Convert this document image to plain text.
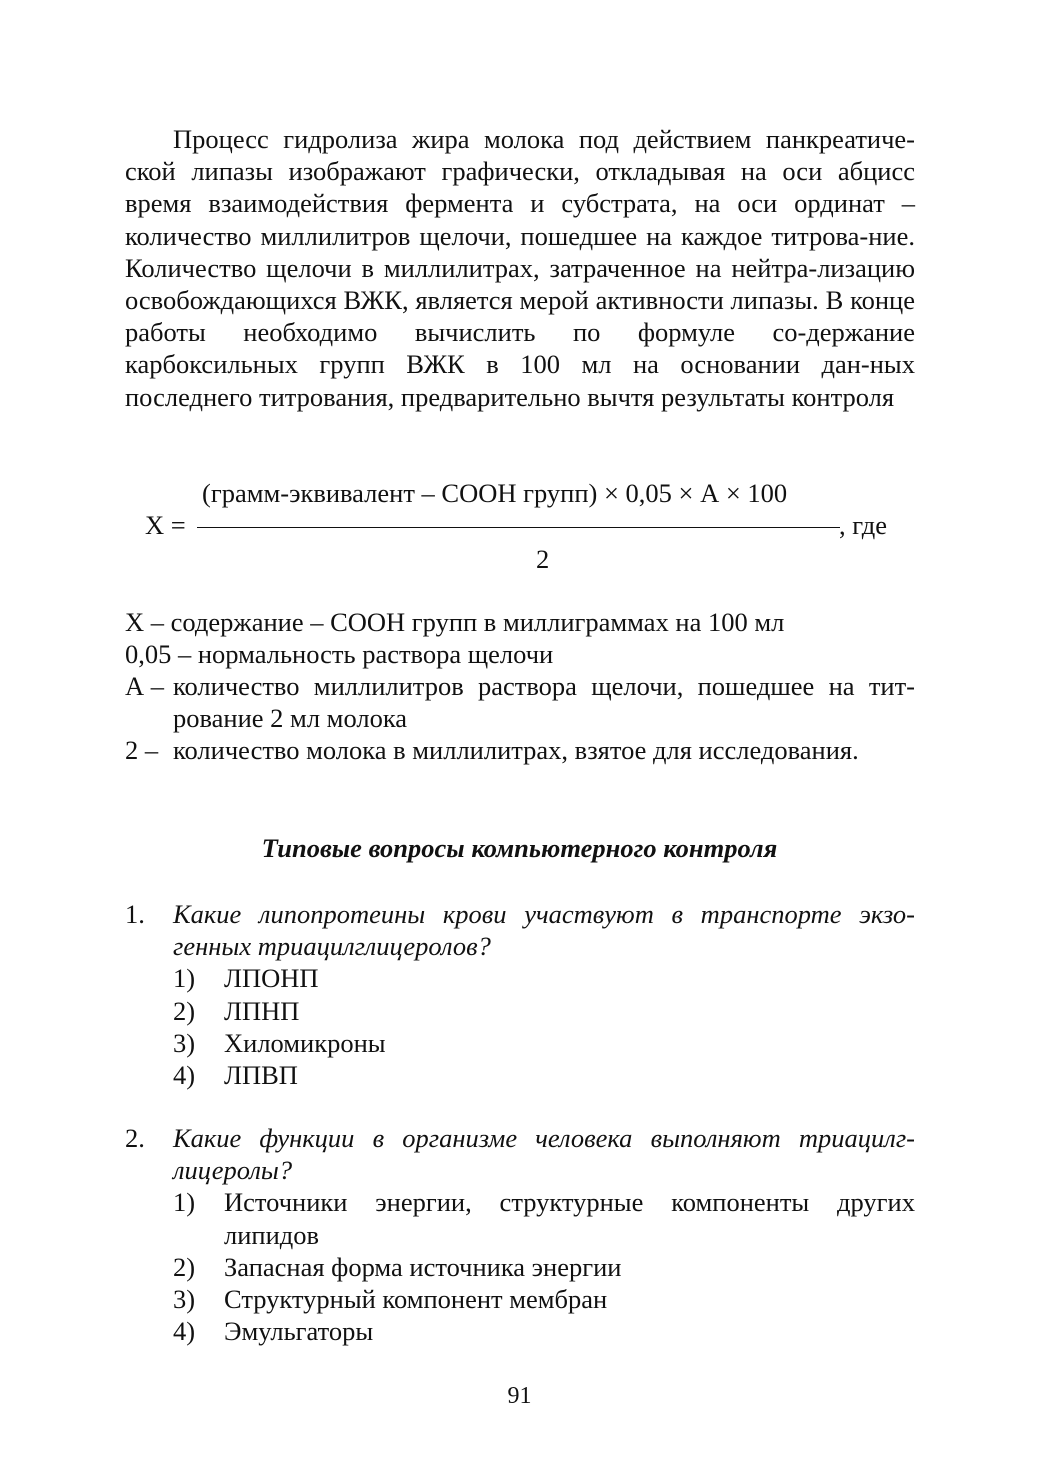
Процесс гидролиза жира молока под действием панкреатиче-ской липазы изображают графически, откладывая на оси абцисс время взаимодействия фермента и субстрата, на оси ординат – количество миллилитров щелочи, пошедшее на каждое титрова-ние. Количество щелочи в миллилитрах, затраченное на нейтра-лизацию освобождающихся ВЖК, является мерой активности липазы. В конце работы необходимо вычислить по формуле со-держание карбоксильных групп ВЖК в 100 мл на основании дан-ных последнего титрования, предварительно вычтя результаты контроля

(грамм-эквивалент – СООН групп) × 0,05 × А × 100
X =	, где
2
X – содержание – СООН групп в миллиграммах на 100 мл
0,05 – нормальность раствора щелочи
А – количество миллилитров раствора щелочи, пошедшее на тит-рование 2 мл молока
2 – количество молока в миллилитрах, взятое для исследования.
Типовые вопросы компьютерного контроля
1. Какие липопротеины крови участвуют в транспорте экзо-генных триацилглицеролов?
1) ЛПОНП
2) ЛПНП
3) Хиломикроны
4) ЛПВП
2. Какие функции в организме человека выполняют триацилг-лицеролы?
1) Источники энергии, структурные компоненты других липидов
2) Запасная форма источника энергии
3) Структурный компонент мембран
4) Эмульгаторы
91
